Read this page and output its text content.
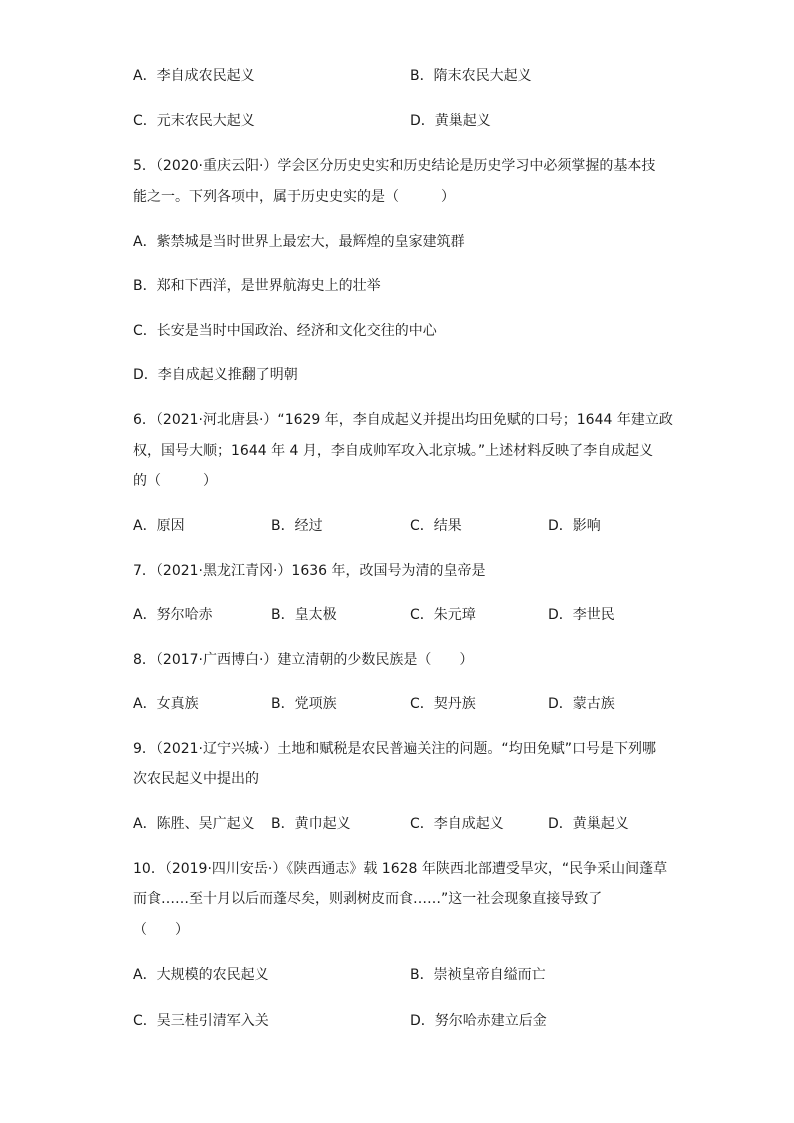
A．李自成农民起义	B．隋末农民大起义
C．元末农民大起义	D．黄巢起义
5．（2020·重庆云阳·）学会区分历史史实和历史结论是历史学习中必须掌握的基本技
能之一。下列各项中，属于历史史实的是（　　　）
A．紫禁城是当时世界上最宏大，最辉煌的皇家建筑群
B．郑和下西洋，是世界航海史上的壮举
C．长安是当时中国政治、经济和文化交往的中心
D．李自成起义推翻了明朝
6．（2021·河北唐县·）“1629 年，李自成起义并提出均田免赋的口号；1644 年建立政
权，国号大顺；1644 年 4 月，李自成帅军攻入北京城。”上述材料反映了李自成起义
的（　　　）
A．原因	B．经过	C．结果	D．影响
7．（2021·黑龙江青冈·）1636 年，改国号为清的皇帝是
A．努尔哈赤	B．皇太极	C．朱元璋	D．李世民
8．（2017·广西博白·）建立清朝的少数民族是（　　）
A．女真族	B．党项族	C．契丹族	D．蒙古族
9．（2021·辽宁兴城·）土地和赋税是农民普遍关注的问题。“均田免赋”口号是下列哪
次农民起义中提出的
A．陈胜、吴广起义 B．黄巾起义	C．李自成起义	D．黄巢起义
10．（2019·四川安岳·）《陕西通志》载 1628 年陕西北部遭受旱灾，“民争采山间蓬草
而食……至十月以后而蓬尽矣，则剥树皮而食……”这一社会现象直接导致了
（　　）
A．大规模的农民起义	B．崇祯皇帝自缢而亡
C．吴三桂引清军入关	D．努尔哈赤建立后金
